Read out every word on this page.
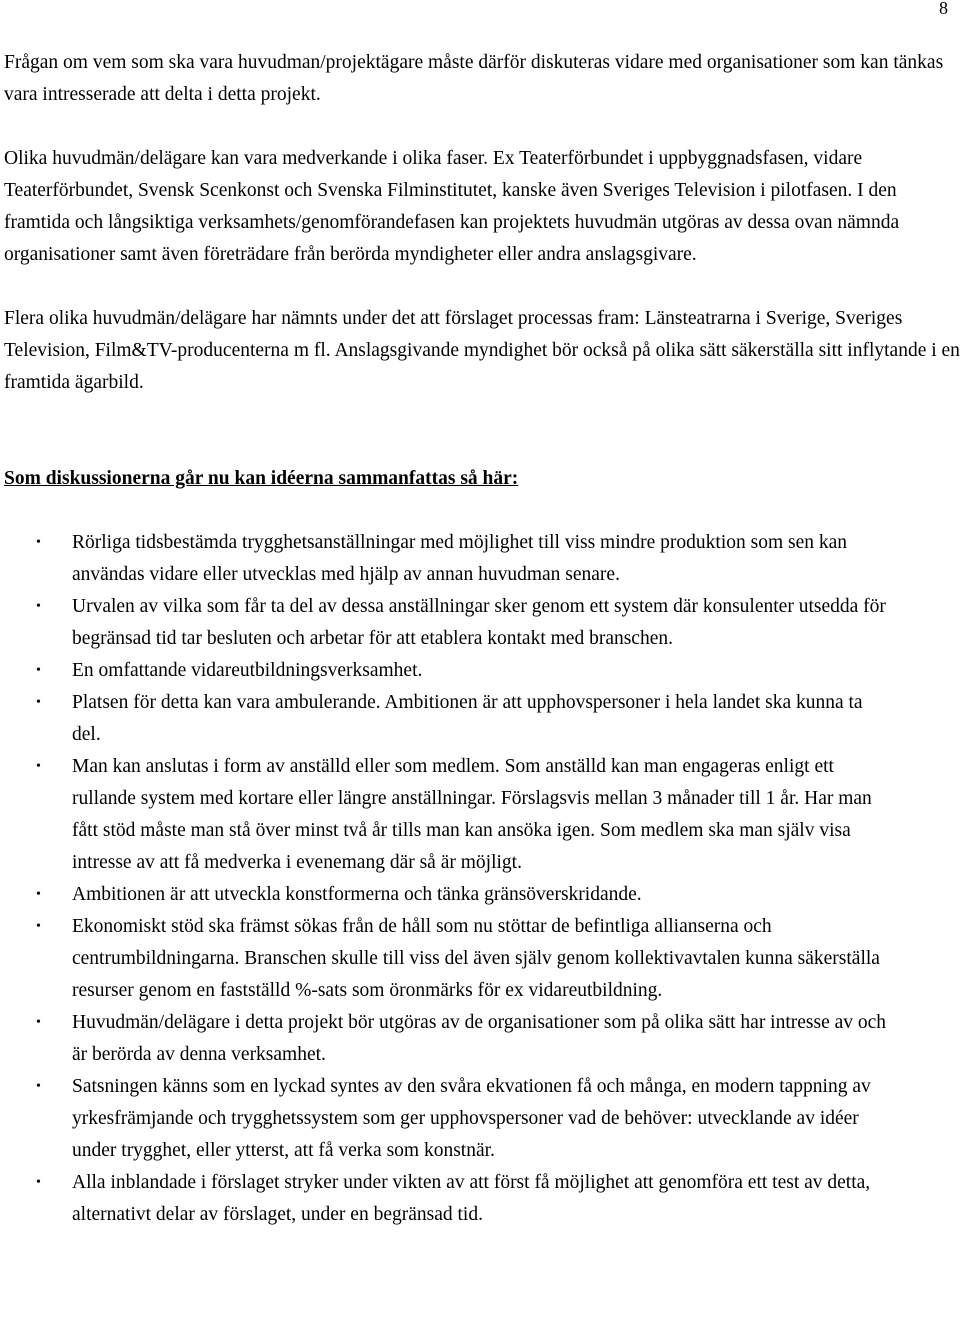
8

Frågan om vem som ska vara huvudman/projektägare måste därför diskuteras vidare med organisationer som kan tänkas vara intresserade att delta i detta projekt.

Olika huvudmän/delägare kan vara medverkande i olika faser. Ex Teaterförbundet i uppbyggnadsfasen, vidare Teaterförbundet, Svensk Scenkonst och Svenska Filminstitutet, kanske även Sveriges Television i pilotfasen. I den framtida och långsiktiga verksamhets/genomförandefasen kan projektets huvudmän utgöras av dessa ovan nämnda organisationer samt även företrädare från berörda myndigheter eller andra anslagsgivare.

Flera olika huvudmän/delägare har nämnts under det att förslaget processas fram: Länsteatrarna i Sverige, Sveriges Television, Film&TV-producenterna m fl. Anslagsgivande myndighet bör också på olika sätt säkerställa sitt inflytande i en framtida ägarbild.

Som diskussionerna går nu kan idéerna sammanfattas så här:
• Rörliga tidsbestämda trygghetsanställningar med möjlighet till viss mindre produktion som sen kan användas vidare eller utvecklas med hjälp av annan huvudman senare.
• Urvalen av vilka som får ta del av dessa anställningar sker genom ett system där konsulenter utsedda för begränsad tid tar besluten och arbetar för att etablera kontakt med branschen.
• En omfattande vidareutbildningsverksamhet.
• Platsen för detta kan vara ambulerande. Ambitionen är att upphovspersoner i hela landet ska kunna ta del.
• Man kan anslutas i form av anställd eller som medlem. Som anställd kan man engageras enligt ett rullande system med kortare eller längre anställningar. Förslagsvis mellan 3 månader till 1 år. Har man fått stöd måste man stå över minst två år tills man kan ansöka igen. Som medlem ska man själv visa intresse av att få medverka i evenemang där så är möjligt.
• Ambitionen är att utveckla konstformerna och tänka gränsöverskridande.
• Ekonomiskt stöd ska främst sökas från de håll som nu stöttar de befintliga allianserna och centrumbildningarna. Branschen skulle till viss del även själv genom kollektivavtalen kunna säkerställa resurser genom en fastställd %-sats som öronmärks för ex vidareutbildning.
• Huvudmän/delägare i detta projekt bör utgöras av de organisationer som på olika sätt har intresse av och är berörda av denna verksamhet.
• Satsningen känns som en lyckad syntes av den svåra ekvationen få och många, en modern tappning av yrkesfrämjande och trygghetssystem som ger upphovspersoner vad de behöver: utvecklande av idéer under trygghet, eller ytterst, att få verka som konstnär.
• Alla inblandade i förslaget stryker under vikten av att först få möjlighet att genomföra ett test av detta, alternativt delar av förslaget, under en begränsad tid.
